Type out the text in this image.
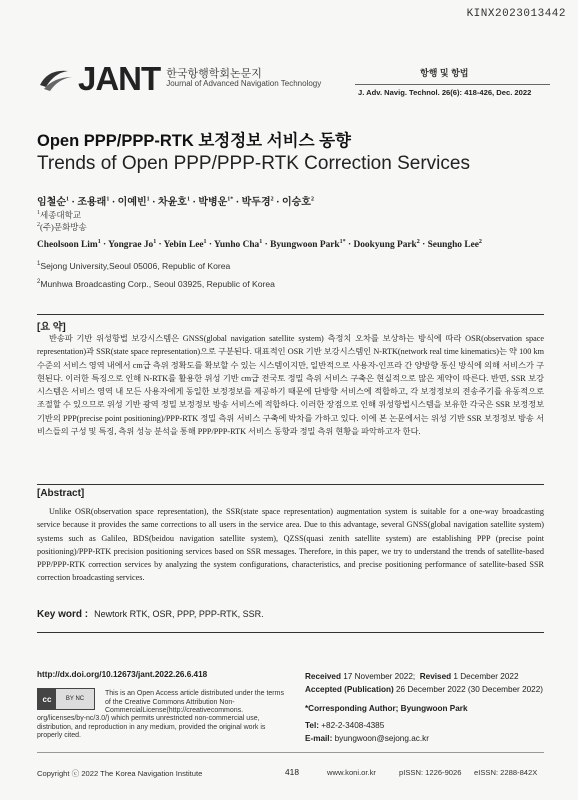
KINX2023013442
JANT 한국항행학회논문지
Journal of Advanced Navigation Technology
항행 및 항법
J. Adv. Navig. Technol. 26(6): 418-426, Dec. 2022
Open PPP/PPP-RTK 보정정보 서비스 동향
Trends of Open PPP/PPP-RTK Correction Services
임철순$^1$ · 조용래$^1$ · 이예빈$^1$ · 차윤호$^1$ · 박병운$^{1*}$ · 박두경$^2$ · 이승호$^2$
$^1$세종대학교
$^2$(주)문화방송
Cheolsoon Lim$^1$ · Yongrae $Jo^1$ · Yebin Lee$^1$ · Yunho Cha$^1$ · Byungwoon Park$^{1*}$ · Dookyung Park$^2$ · Seungho Lee$^2$
$^1$Sejong University,Seoul 05006, Republic of Korea
$^2$Munhwa Broadcasting Corp., Seoul 03925, Republic of Korea
[요 약]
반송파 기반 위성항법 보강시스템은 GNSS(global navigation satellite system) 측정치 오차를 보상하는 방식에 따라 OSR(observation space representation)과 SSR(state space representation)으로 구분된다. 대표적인 OSR 기반 보강시스템인 N-RTK(network real time kinematics)는 약 100 km 수준의 서비스 영역 내에서 cm급 측위 정확도를 확보할 수 있는 시스템이지만, 일반적으로 사용자-인프라 간 양방향 통신 방식에 의해 서비스가 구현된다. 이러한 특징으로 인해 N-RTK를 활용한 위성 기반 cm급 전국토 정밀 측위 서비스 구축은 현실적으로 많은 제약이 따른다. 반면, SSR 보강시스템은 서비스 영역 내 모든 사용자에게 동일한 보정정보를 제공하기 때문에 단방향 서비스에 적합하고, 각 보정정보의 전송주기를 유동적으로 조절할 수 있으므로 위성 기반 광역 정밀 보정정보 방송 서비스에 적합하다. 이러한 장점으로 인해 위성항법시스템을 보유한 각국은 SSR 보정정보 기반의 PPP(precise point positioning)/PPP-RTK 정밀 측위 서비스 구축에 박차를 가하고 있다. 이에 본 논문에서는 위성 기반 SSR 보정정보 방송 서비스들의 구성 및 특징, 측위 성능 분석을 통해 PPP/PPP-RTK 서비스 동향과 정밀 측위 현황을 파악하고자 한다.
[Abstract]
Unlike OSR(observation space representation), the SSR(state space representation) augmentation system is suitable for a one-way broadcasting service because it provides the same corrections to all users in the service area. Due to this advantage, several GNSS(global navigation satellite system) systems such as Galileo, BDS(beidou navigation satellite system), QZSS(quasi zenith satellite system) are establishing PPP (precise point positioning)/PPP-RTK precision positioning services based on SSR messages. Therefore, in this paper, we try to understand the trends of satellite-based PPP/PPP-RTK correction services by analyzing the system configurations, characteristics, and precise positioning performance of satellite-based SSR correction broadcasting services.
Key word : Newtork RTK, OSR, PPP, PPP-RTK, SSR.
http://dx.doi.org/10.12673/jant.2022.26.6.418
cc	BY NC
This is an Open Access article distributed under the terms of the Creative Commons Attribution Non-CommercialLicense(http://creativecommons.
org/licenses/by-nc/3.0/) which permits unrestricted non-commercial use, distribution, and reproduction in any medium, provided the original work is properly cited.
Received 17 November 2022; Revised 1 December 2022
Accepted (Publication) 26 December 2022 (30 December 2022)
*Corresponding Author; Byungwoon Park
Tel: +82-2-3408-4385
E-mail: byungwoon@sejong.ac.kr
Copyright ⓒ 2022 The Korea Navigation Institute	418	www.koni.or.kr	pISSN: 1226-9026 eISSN: 2288-842X
